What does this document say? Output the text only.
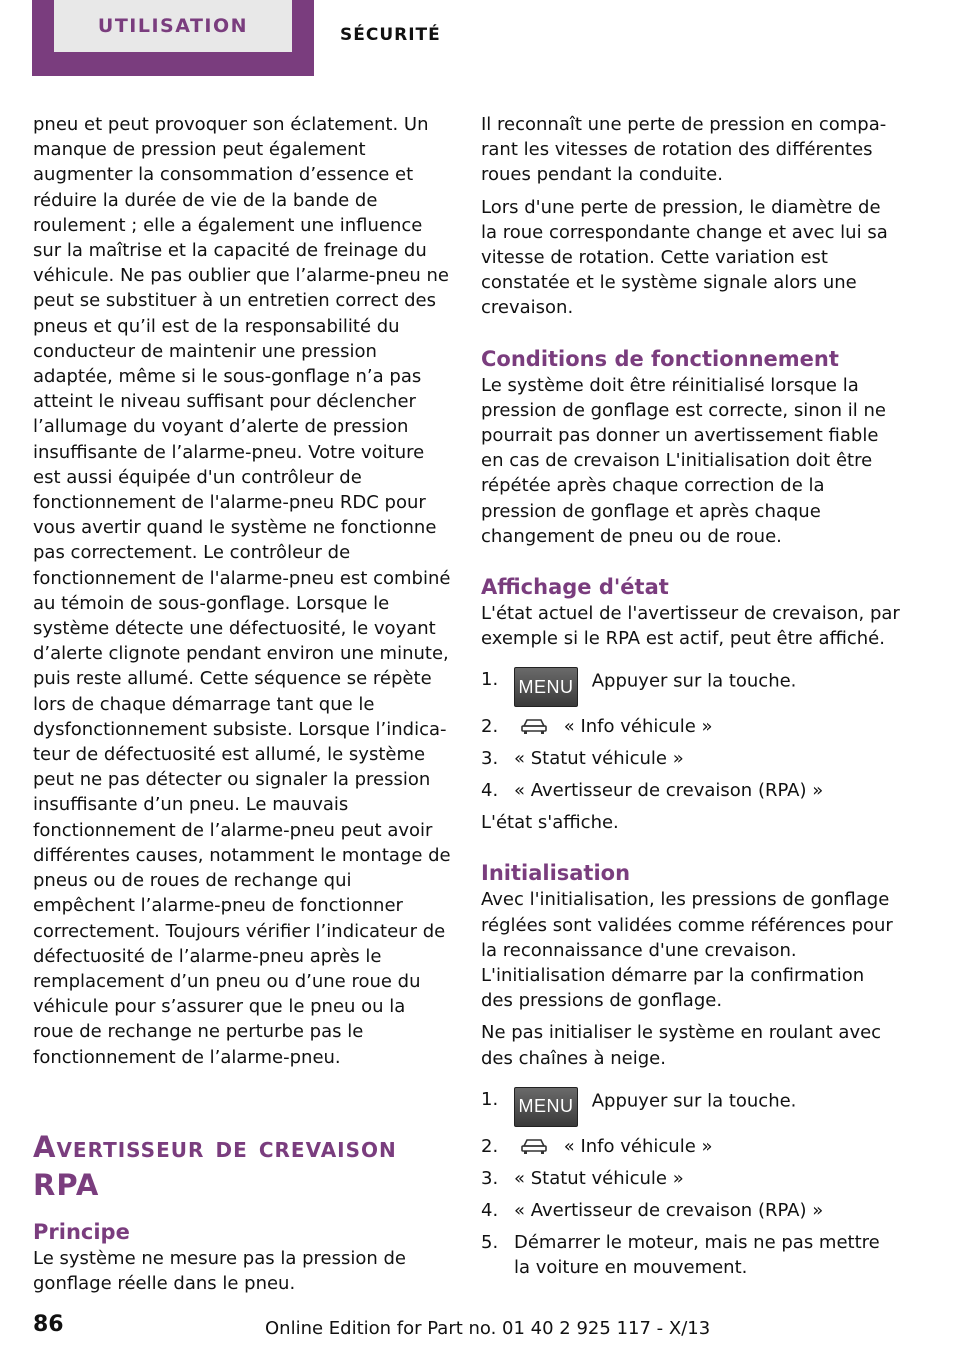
UTILISATION	SÉCURITÉ

pneu et peut provoquer son éclatement. Un manque de pression peut également augmenter la consommation d’essence et réduire la durée de vie de la bande de roulement ; elle a également une influence sur la maîtrise et la capacité de freinage du véhicule. Ne pas oublier que l’alarme-pneu ne peut se substituer à un entretien correct des pneus et qu’il est de la responsabilité du conducteur de maintenir une pression adaptée, même si le sous-gonflage n’a pas atteint le niveau suffisant pour déclencher l’allumage du voyant d’alerte de pression insuffisante de l’alarme-pneu. Votre voiture est aussi équipée d'un contrôleur de fonctionnement de l'alarme-pneu RDC pour vous avertir quand le système ne fonctionne pas correctement. Le contrôleur de fonctionnement de l'alarme-pneu est combiné au témoin de sous-gonflage. Lorsque le système détecte une défectuosité, le voyant d’alerte clignote pendant environ une minute, puis reste allumé. Cette séquence se répète lors de chaque démarrage tant que le dysfonctionnement subsiste. Lorsque l’indicateur de défectuosité est allumé, le système peut ne pas détecter ou signaler la pression insuffisante d’un pneu. Le mauvais fonctionnement de l’alarme-pneu peut avoir différentes causes, notamment le montage de pneus ou de roues de rechange qui empêchent l’alarme-pneu de fonctionner correctement. Toujours vérifier l’indicateur de défectuosité de l’alarme-pneu après le remplacement d’un pneu ou d’une roue du véhicule pour s’assurer que le pneu ou la roue de rechange ne perturbe pas le fonctionnement de l’alarme-pneu.

Avertisseur de crevaison RPA
Principe

Le système ne mesure pas la pression de gonflage réelle dans le pneu.

Il reconnaît une perte de pression en comparant les vitesses de rotation des différentes roues pendant la conduite.

Lors d'une perte de pression, le diamètre de la roue correspondante change et avec lui sa vitesse de rotation. Cette variation est constatée et le système signale alors une crevaison.

Conditions de fonctionnement

Le système doit être réinitialisé lorsque la pression de gonflage est correcte, sinon il ne pourrait pas donner un avertissement fiable en cas de crevaison L'initialisation doit être répétée après chaque correction de la pression de gonflage et après chaque changement de pneu ou de roue.

Affichage d'état

L'état actuel de l'avertisseur de crevaison, par exemple si le RPA est actif, peut être affiché.

1. MENU Appuyer sur la touche.
2.	« Info véhicule »
3. « Statut véhicule »
4. « Avertisseur de crevaison (RPA) »

L'état s'affiche.

Initialisation

Avec l'initialisation, les pressions de gonflage réglées sont validées comme références pour la reconnaissance d'une crevaison. L'initialisation démarre par la confirmation des pressions de gonflage.

Ne pas initialiser le système en roulant avec des chaînes à neige.

1. MENU Appuyer sur la touche.
2.	« Info véhicule »
3. « Statut véhicule »
4. « Avertisseur de crevaison (RPA) »
5. Démarrer le moteur, mais ne pas mettre la voiture en mouvement.
86	Online Edition for Part no. 01 40 2 925 117 - X/13
